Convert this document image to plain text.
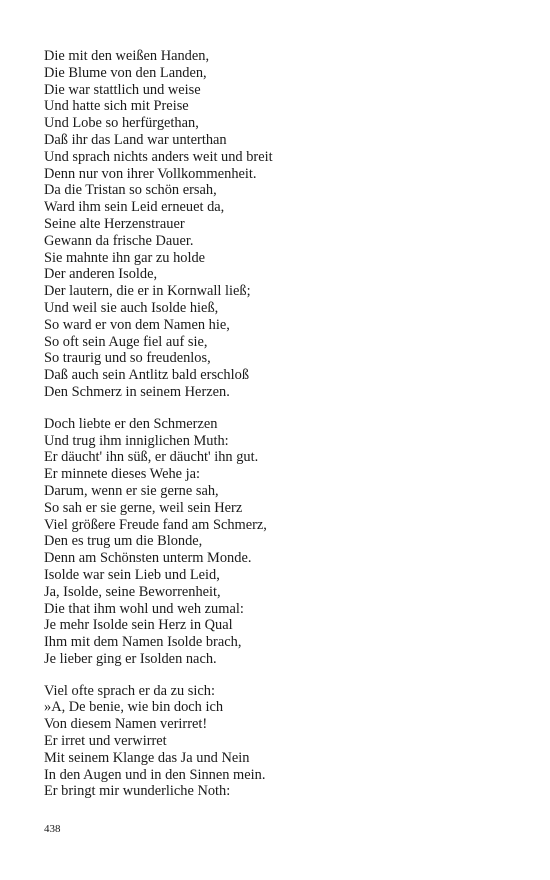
Die mit den weißen Handen,
Die Blume von den Landen,
Die war stattlich und weise
Und hatte sich mit Preise
Und Lobe so herfürgethan,
Daß ihr das Land war unterthan
Und sprach nichts anders weit und breit
Denn nur von ihrer Vollkommenheit.
Da die Tristan so schön ersah,
Ward ihm sein Leid erneuet da,
Seine alte Herzenstrauer
Gewann da frische Dauer.
Sie mahnte ihn gar zu holde
Der anderen Isolde,
Der lautern, die er in Kornwall ließ;
Und weil sie auch Isolde hieß,
So ward er von dem Namen hie,
So oft sein Auge fiel auf sie,
So traurig und so freudenlos,
Daß auch sein Antlitz bald erschloß
Den Schmerz in seinem Herzen.
Doch liebte er den Schmerzen
Und trug ihm inniglichen Muth:
Er däucht' ihn süß, er däucht' ihn gut.
Er minnete dieses Wehe ja:
Darum, wenn er sie gerne sah,
So sah er sie gerne, weil sein Herz
Viel größere Freude fand am Schmerz,
Den es trug um die Blonde,
Denn am Schönsten unterm Monde.
Isolde war sein Lieb und Leid,
Ja, Isolde, seine Beworrenheit,
Die that ihm wohl und weh zumal:
Je mehr Isolde sein Herz in Qual
Ihm mit dem Namen Isolde brach,
Je lieber ging er Isolden nach.
Viel ofte sprach er da zu sich:
»A, De benie, wie bin doch ich
Von diesem Namen verirret!
Er irret und verwirret
Mit seinem Klange das Ja und Nein
In den Augen und in den Sinnen mein.
Er bringt mir wunderliche Noth:
438
